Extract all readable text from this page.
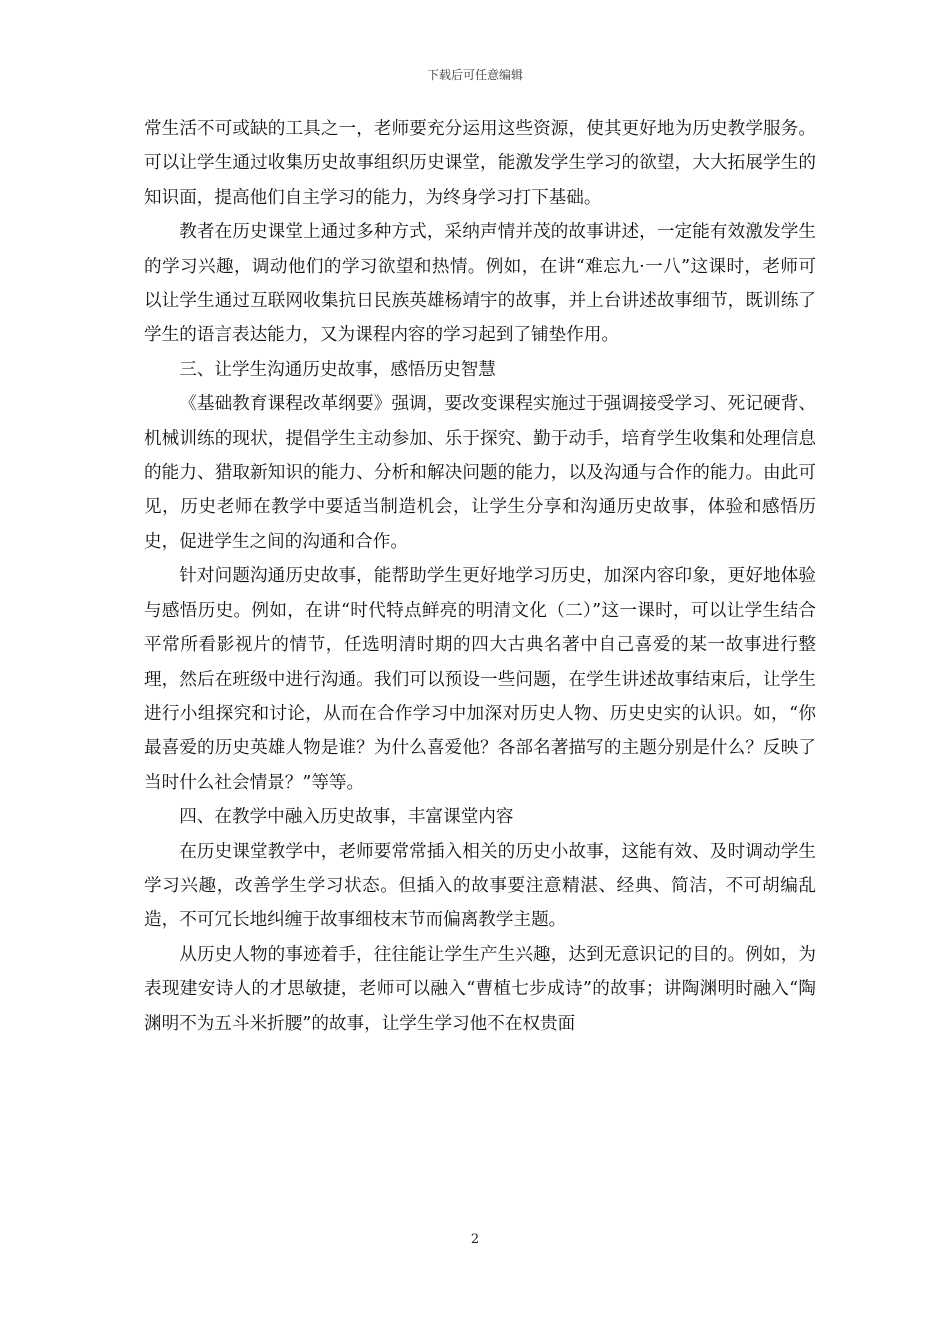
下载后可任意编辑

常生活不可或缺的工具之一，老师要充分运用这些资源，使其更好地为历史教学服务。可以让学生通过收集历史故事组织历史课堂，能激发学生学习的欲望，大大拓展学生的知识面，提高他们自主学习的能力，为终身学习打下基础。

教者在历史课堂上通过多种方式，采纳声情并茂的故事讲述，一定能有效激发学生的学习兴趣，调动他们的学习欲望和热情。例如，在讲“难忘九·一八”这课时，老师可以让学生通过互联网收集抗日民族英雄杨靖宇的故事，并上台讲述故事细节，既训练了学生的语言表达能力，又为课程内容的学习起到了铺垫作用。

三、让学生沟通历史故事，感悟历史智慧

《基础教育课程改革纲要》强调，要改变课程实施过于强调接受学习、死记硬背、机械训练的现状，提倡学生主动参加、乐于探究、勤于动手，培育学生收集和处理信息的能力、猎取新知识的能力、分析和解决问题的能力，以及沟通与合作的能力。由此可见，历史老师在教学中要适当制造机会，让学生分享和沟通历史故事，体验和感悟历史，促进学生之间的沟通和合作。

针对问题沟通历史故事，能帮助学生更好地学习历史，加深内容印象，更好地体验与感悟历史。例如，在讲“时代特点鲜亮的明清文化（二）”这一课时，可以让学生结合平常所看影视片的情节，任选明清时期的四大古典名著中自己喜爱的某一故事进行整理，然后在班级中进行沟通。我们可以预设一些问题，在学生讲述故事结束后，让学生进行小组探究和讨论，从而在合作学习中加深对历史人物、历史史实的认识。如，“你最喜爱的历史英雄人物是谁？为什么喜爱他？各部名著描写的主题分别是什么？反映了当时什么社会情景？”等等。

四、在教学中融入历史故事，丰富课堂内容

在历史课堂教学中，老师要常常插入相关的历史小故事，这能有效、及时调动学生学习兴趣，改善学生学习状态。但插入的故事要注意精湛、经典、简洁，不可胡编乱造，不可冗长地纠缠于故事细枝末节而偏离教学主题。

从历史人物的事迹着手，往往能让学生产生兴趣，达到无意识记的目的。例如，为表现建安诗人的才思敏捷，老师可以融入“曹植七步成诗”的故事；讲陶渊明时融入“陶渊明不为五斗米折腰”的故事，让学生学习他不在权贵面

2
